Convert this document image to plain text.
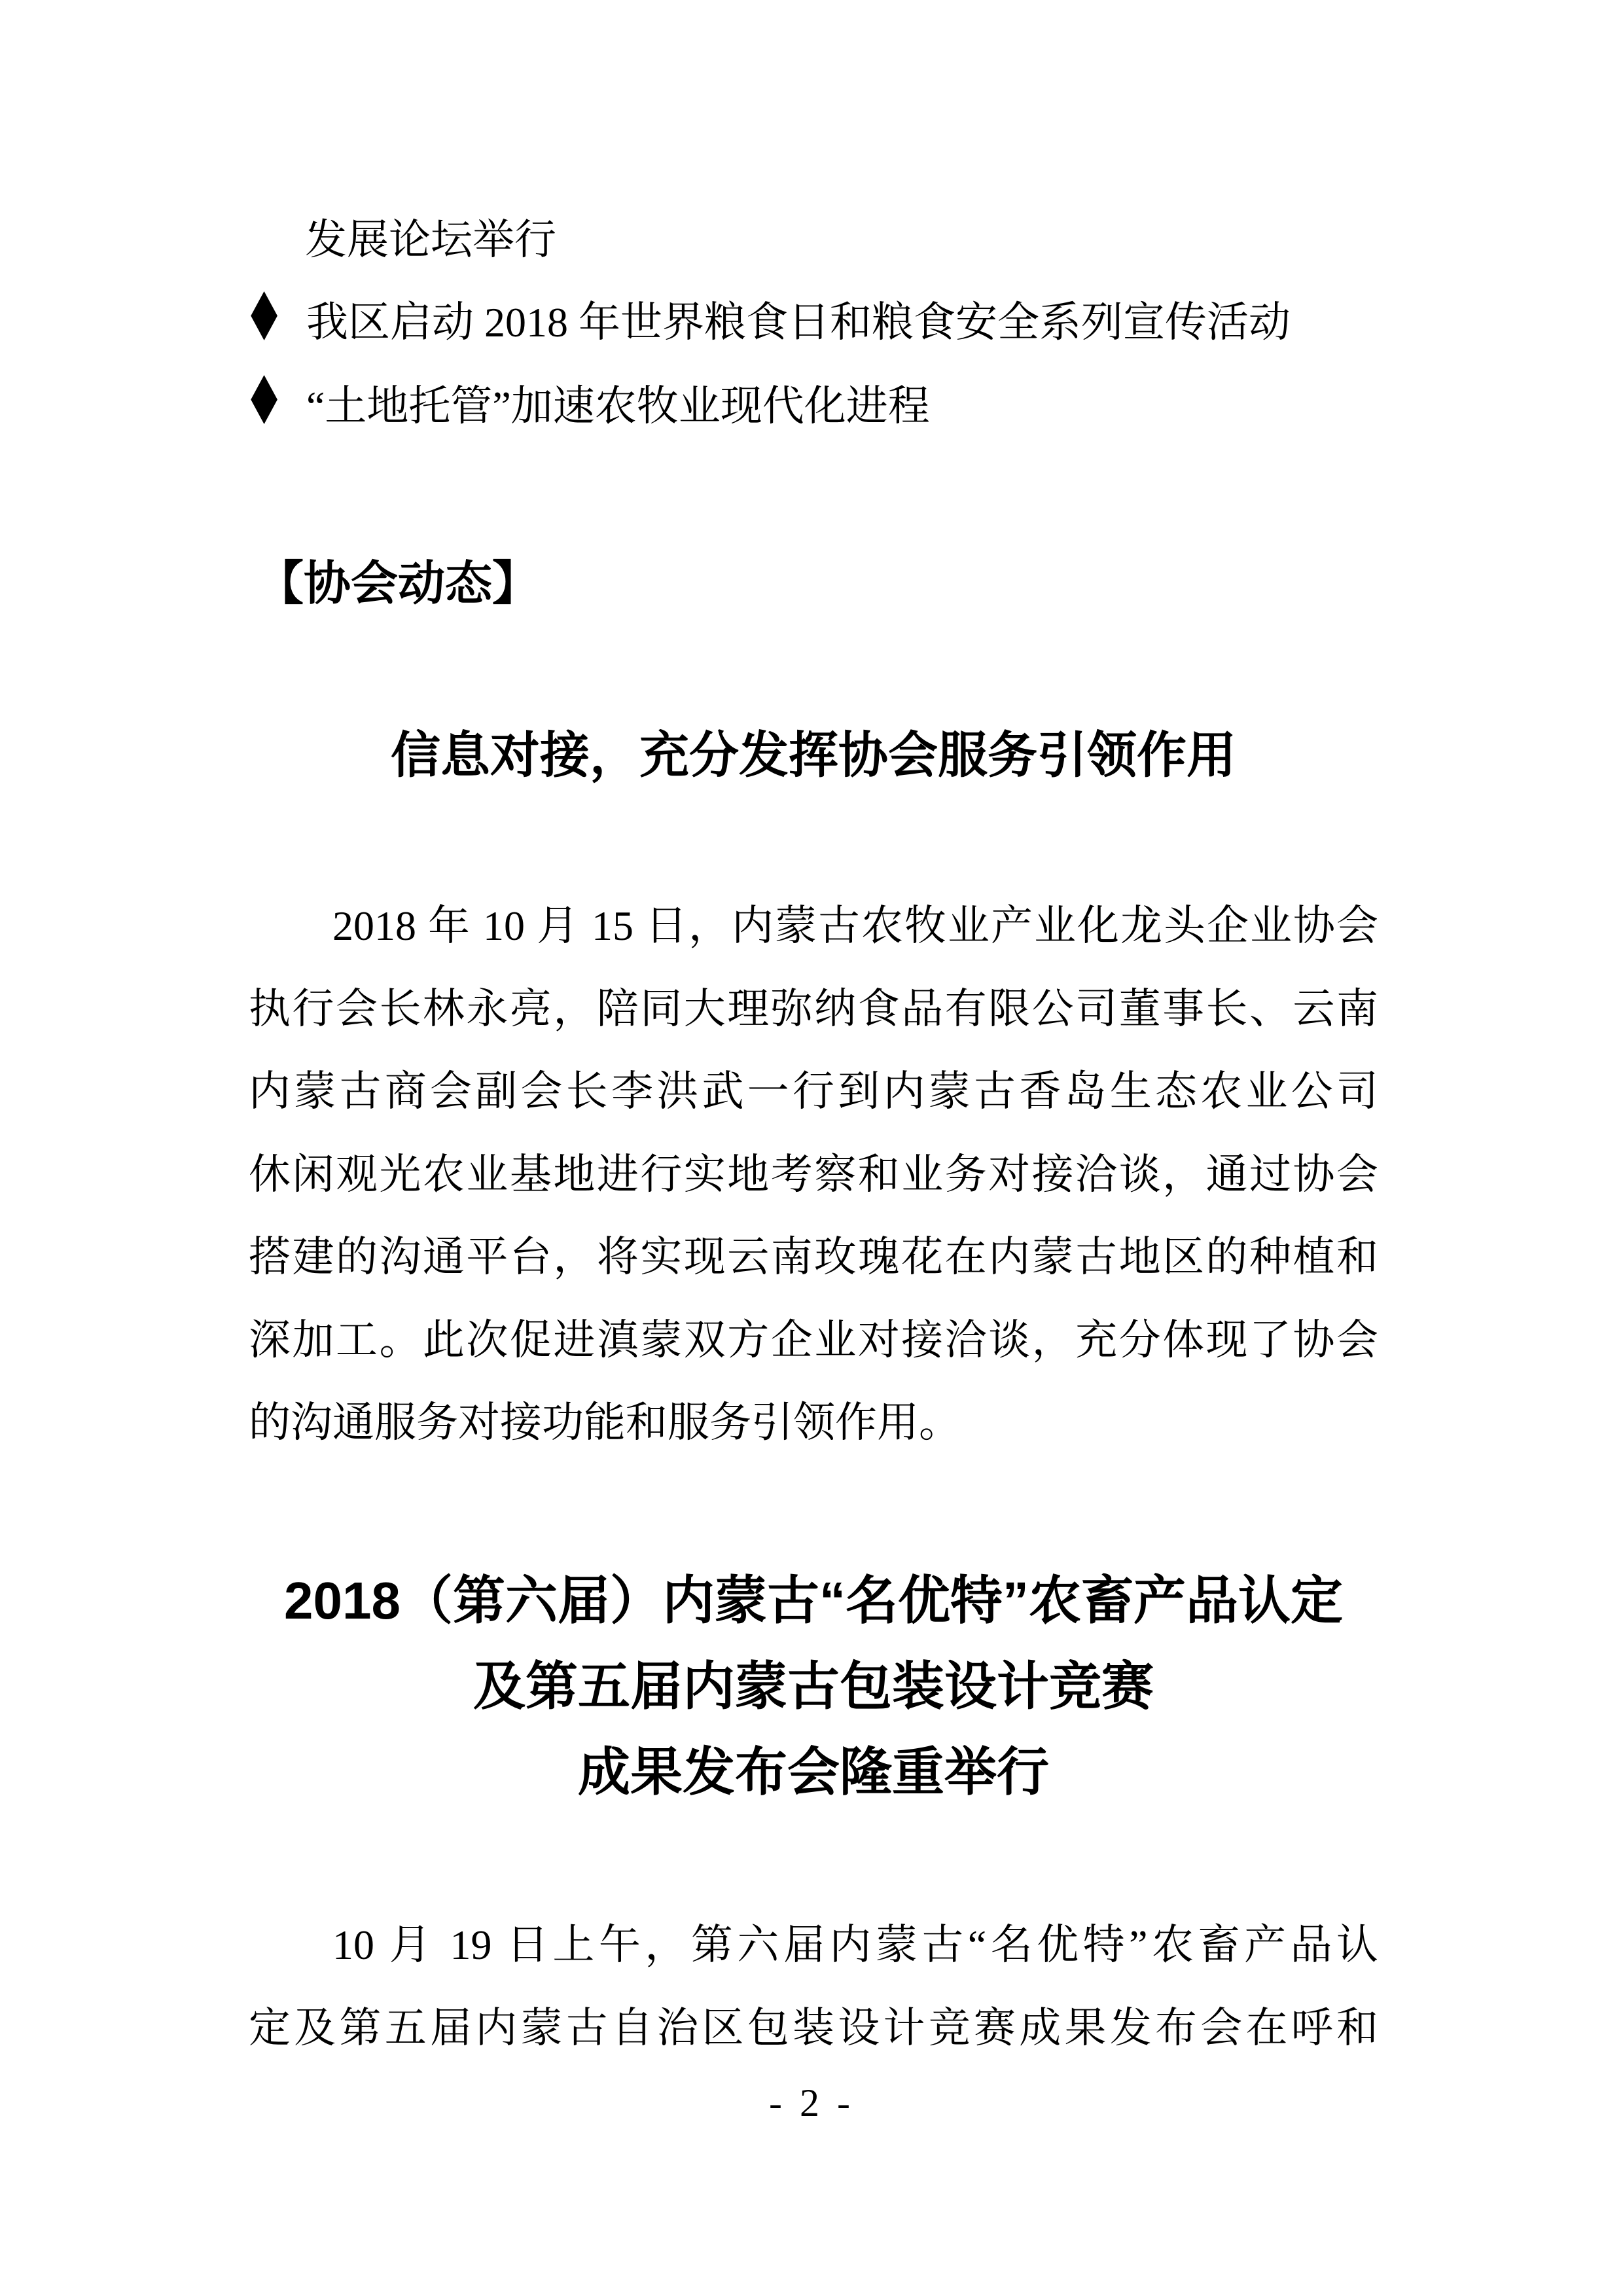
发展论坛举行
◆ 我区启动 2018 年世界粮食日和粮食安全系列宣传活动
◆ “土地托管”加速农牧业现代化进程
【协会动态】
信息对接，充分发挥协会服务引领作用
2018 年 10 月 15 日，内蒙古农牧业产业化龙头企业协会
执行会长林永亮，陪同大理弥纳食品有限公司董事长、云南
内蒙古商会副会长李洪武一行到内蒙古香岛生态农业公司
休闲观光农业基地进行实地考察和业务对接洽谈，通过协会
搭建的沟通平台，将实现云南玫瑰花在内蒙古地区的种植和
深加工。此次促进滇蒙双方企业对接洽谈，充分体现了协会
的沟通服务对接功能和服务引领作用。
2018（第六届）内蒙古“名优特”农畜产品认定
及第五届内蒙古包装设计竞赛
成果发布会隆重举行
10 月 19 日上午，第六届内蒙古“名优特”农畜产品认
定及第五届内蒙古自治区包装设计竞赛成果发布会在呼和
- 2 -
